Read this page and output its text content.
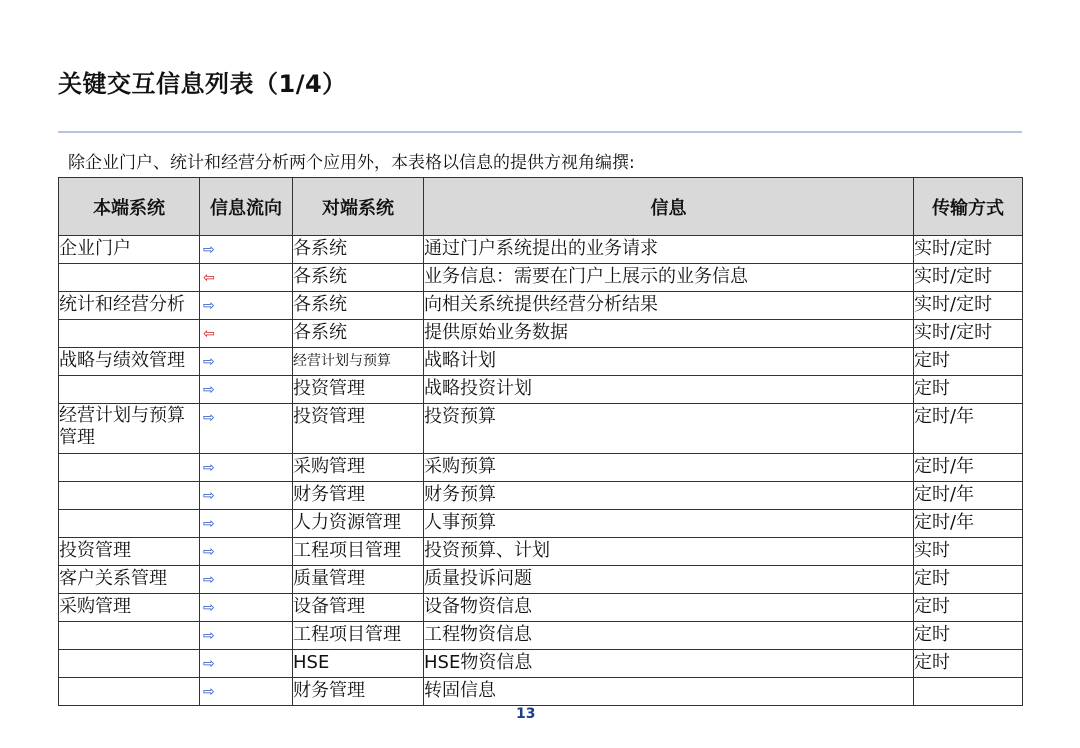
关键交互信息列表（1/4）
除企业门户、统计和经营分析两个应用外，本表格以信息的提供方视角编撰:
本端系统	信息流向	对端系统	信息	传输方式
企业门户	⇨	各系统	通过门户系统提出的业务请求	实时/定时
	⇦	各系统	业务信息：需要在门户上展示的业务信息	实时/定时
统计和经营分析	⇨	各系统	向相关系统提供经营分析结果	实时/定时
	⇦	各系统	提供原始业务数据	实时/定时
战略与绩效管理	⇨	经营计划与预算	战略计划	定时
	⇨	投资管理	战略投资计划	定时
经营计划与预算管理	⇨	投资管理	投资预算	定时/年
	⇨	采购管理	采购预算	定时/年
	⇨	财务管理	财务预算	定时/年
	⇨	人力资源管理	人事预算	定时/年
投资管理	⇨	工程项目管理	投资预算、计划	实时
客户关系管理	⇨	质量管理	质量投诉问题	定时
采购管理	⇨	设备管理	设备物资信息	定时
	⇨	工程项目管理	工程物资信息	定时
	⇨	HSE	HSE物资信息	定时
	⇨	财务管理	转固信息	
13
